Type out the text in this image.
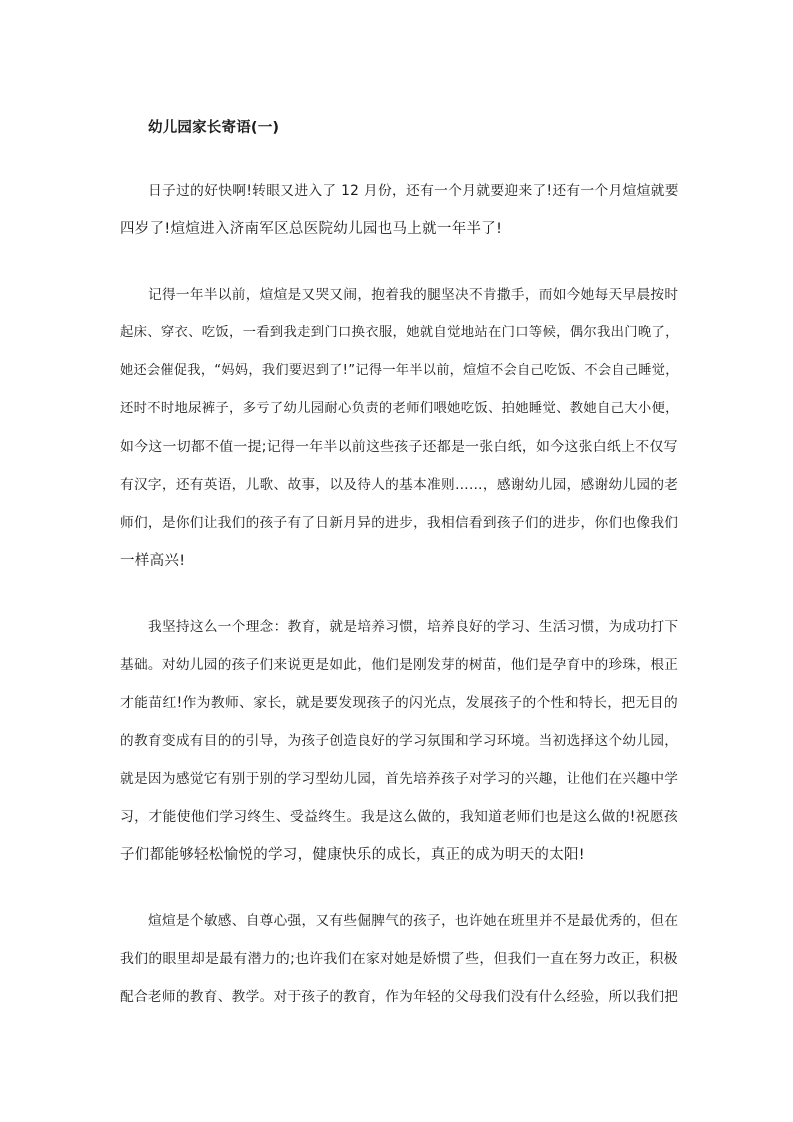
幼儿园家长寄语(一)
日子过的好快啊!转眼又进入了 12 月份，还有一个月就要迎来了!还有一个月煊煊就要
四岁了!煊煊进入济南军区总医院幼儿园也马上就一年半了!
记得一年半以前，煊煊是又哭又闹，抱着我的腿坚决不肯撒手，而如今她每天早晨按时
起床、穿衣、吃饭，一看到我走到门口换衣服，她就自觉地站在门口等候，偶尔我出门晚了，
她还会催促我，“妈妈，我们要迟到了!”记得一年半以前，煊煊不会自己吃饭、不会自己睡觉，
还时不时地尿裤子，多亏了幼儿园耐心负责的老师们喂她吃饭、拍她睡觉、教她自己大小便，
如今这一切都不值一提;记得一年半以前这些孩子还都是一张白纸，如今这张白纸上不仅写
有汉字，还有英语，儿歌、故事，以及待人的基本准则……，感谢幼儿园，感谢幼儿园的老
师们，是你们让我们的孩子有了日新月异的进步，我相信看到孩子们的进步，你们也像我们
一样高兴!
我坚持这么一个理念：教育，就是培养习惯，培养良好的学习、生活习惯，为成功打下
基础。对幼儿园的孩子们来说更是如此，他们是刚发芽的树苗，他们是孕育中的珍珠，根正
才能苗红!作为教师、家长，就是要发现孩子的闪光点，发展孩子的个性和特长，把无目的
的教育变成有目的的引导，为孩子创造良好的学习氛围和学习环境。当初选择这个幼儿园，
就是因为感觉它有别于别的学习型幼儿园，首先培养孩子对学习的兴趣，让他们在兴趣中学
习，才能使他们学习终生、受益终生。我是这么做的，我知道老师们也是这么做的!祝愿孩
子们都能够轻松愉悦的学习，健康快乐的成长，真正的成为明天的太阳!
煊煊是个敏感、自尊心强，又有些倔脾气的孩子，也许她在班里并不是最优秀的，但在
我们的眼里却是最有潜力的;也许我们在家对她是娇惯了些，但我们一直在努力改正，积极
配合老师的教育、教学。对于孩子的教育，作为年轻的父母我们没有什么经验，所以我们把
